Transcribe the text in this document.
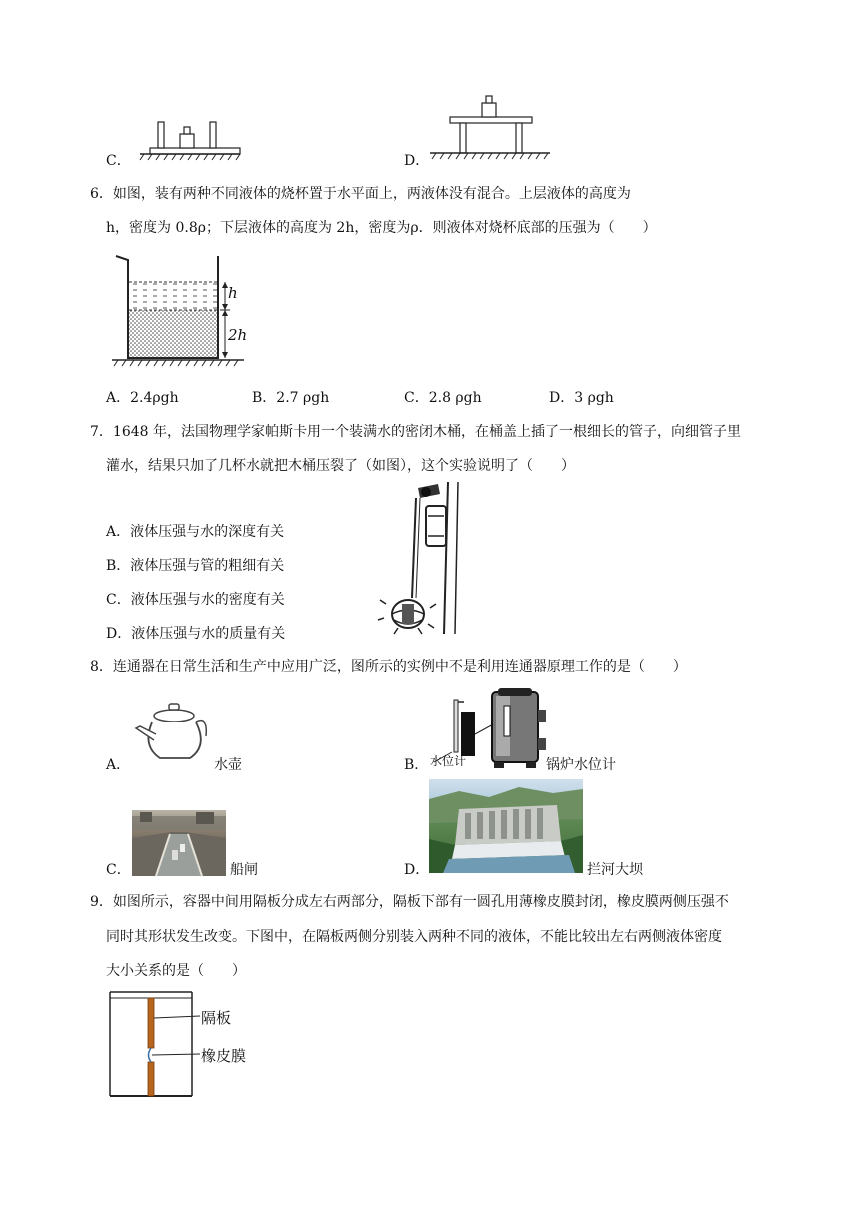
C．	D．
6．如图，装有两种不同液体的烧杯置于水平面上，两液体没有混合。上层液体的高度为
h，密度为 0.8ρ；下层液体的高度为 2h，密度为ρ．则液体对烧杯底部的压强为（　　）
h
2h
A．2.4ρgh	B．2.7 ρgh	C．2.8 ρgh	D．3 ρgh
7．1648 年，法国物理学家帕斯卡用一个装满水的密闭木桶，在桶盖上插了一根细长的管子，向细管子里
灌水，结果只加了几杯水就把木桶压裂了（如图），这个实验说明了（　　）
A．液体压强与水的深度有关
B．液体压强与管的粗细有关
C．液体压强与水的密度有关
D．液体压强与水的质量有关
8．连通器在日常生活和生产中应用广泛，图所示的实例中不是利用连通器原理工作的是（　　）
A．	水壶	B． 水位计	锅炉水位计
C．	船闸	D．	拦河大坝
9．如图所示，容器中间用隔板分成左右两部分，隔板下部有一圆孔用薄橡皮膜封闭，橡皮膜两侧压强不
同时其形状发生改变。下图中，在隔板两侧分别装入两种不同的液体，不能比较出左右两侧液体密度
大小关系的是（　　）
隔板
橡皮膜
